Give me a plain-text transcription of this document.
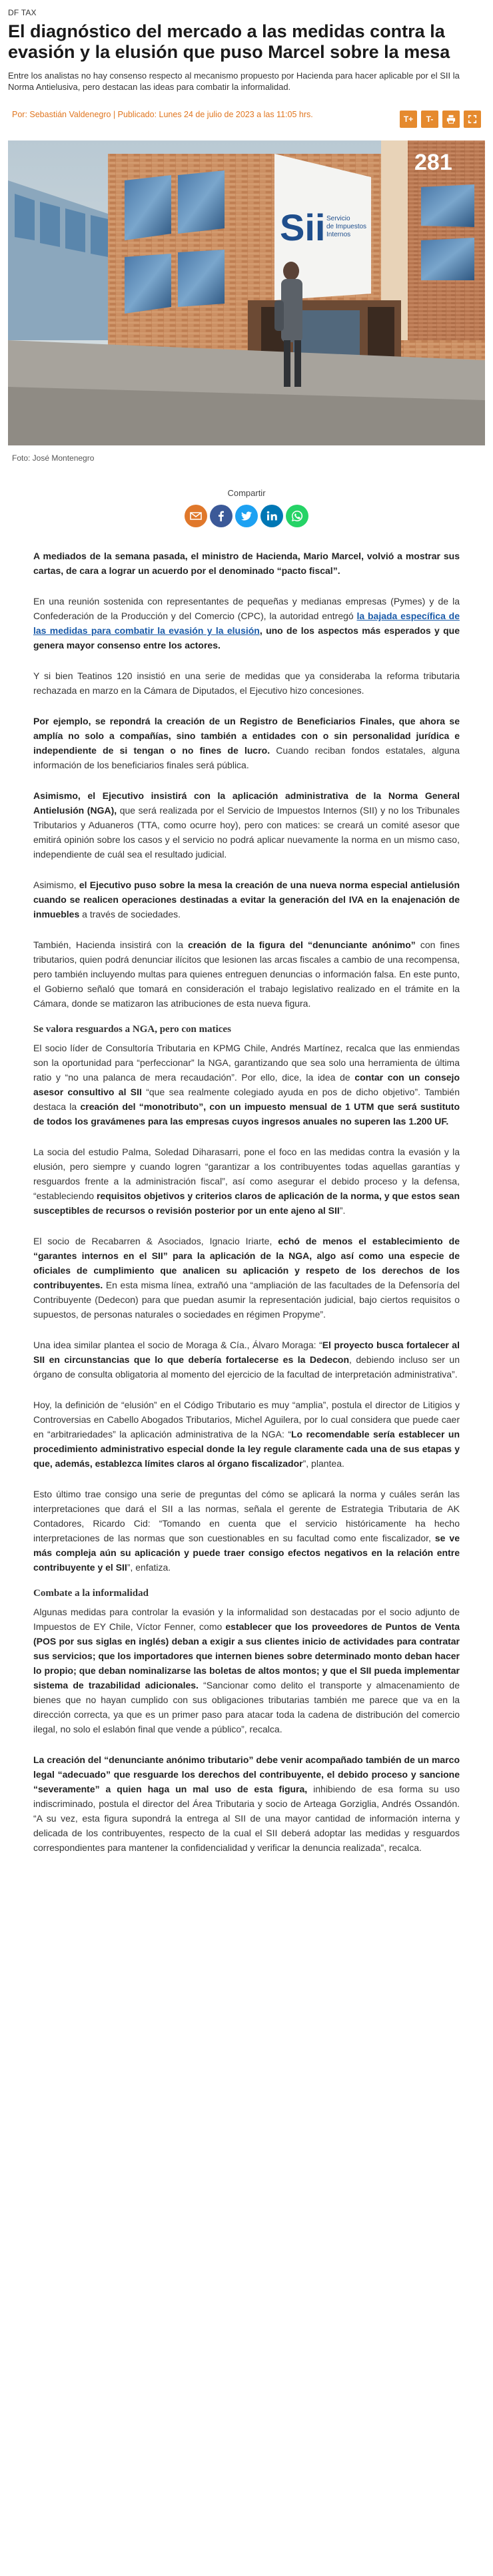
DF TAX
El diagnóstico del mercado a las medidas contra la evasión y la elusión que puso Marcel sobre la mesa

Entre los analistas no hay consenso respecto al mecanismo propuesto por Hacienda para hacer aplicable por el SII la Norma Antielusiva, pero destacan las ideas para combatir la informalidad.

Por: Sebastián Valdenegro | Publicado: Lunes 24 de julio de 2023 a las 11:05 hrs.	T+	T-
281
Sii Servicio
de Impuestos
Internos
Foto: José Montenegro
Compartir

A mediados de la semana pasada, el ministro de Hacienda, Mario Marcel, volvió a mostrar sus cartas, de cara a lograr un acuerdo por el denominado “pacto fiscal”.

En una reunión sostenida con representantes de pequeñas y medianas empresas (Pymes) y de la Confederación de la Producción y del Comercio (CPC), la autoridad entregó la bajada específica de las medidas para combatir la evasión y la elusión, uno de los aspectos más esperados y que genera mayor consenso entre los actores.

Y si bien Teatinos 120 insistió en una serie de medidas que ya consideraba la reforma tributaria rechazada en marzo en la Cámara de Diputados, el Ejecutivo hizo concesiones.

Por ejemplo, se repondrá la creación de un Registro de Beneficiarios Finales, que ahora se amplía no solo a compañías, sino también a entidades con o sin personalidad jurídica e independiente de si tengan o no fines de lucro. Cuando reciban fondos estatales, alguna información de los beneficiarios finales será pública.

Asimismo, el Ejecutivo insistirá con la aplicación administrativa de la Norma General Antielusión (NGA), que será realizada por el Servicio de Impuestos Internos (SII) y no los Tribunales Tributarios y Aduaneros (TTA, como ocurre hoy), pero con matices: se creará un comité asesor que emitirá opinión sobre los casos y el servicio no podrá aplicar nuevamente la norma en un mismo caso, independiente de cuál sea el resultado judicial.

Asimismo, el Ejecutivo puso sobre la mesa la creación de una nueva norma especial antielusión cuando se realicen operaciones destinadas a evitar la generación del IVA en la enajenación de inmuebles a través de sociedades.

También, Hacienda insistirá con la creación de la figura del “denunciante anónimo” con fines tributarios, quien podrá denunciar ilícitos que lesionen las arcas fiscales a cambio de una recompensa, pero también incluyendo multas para quienes entreguen denuncias o información falsa. En este punto, el Gobierno señaló que tomará en consideración el trabajo legislativo realizado en el trámite en la Cámara, donde se matizaron las atribuciones de esta nueva figura.

Se valora resguardos a NGA, pero con matices

El socio líder de Consultoría Tributaria en KPMG Chile, Andrés Martínez, recalca que las enmiendas son la oportunidad para “perfeccionar” la NGA, garantizando que sea solo una herramienta de última ratio y “no una palanca de mera recaudación”. Por ello, dice, la idea de contar con un consejo asesor consultivo al SII “que sea realmente colegiado ayuda en pos de dicho objetivo”. También destaca la creación del “monotributo”, con un impuesto mensual de 1 UTM que será sustituto de todos los gravámenes para las empresas cuyos ingresos anuales no superen las 1.200 UF.

La socia del estudio Palma, Soledad Diharasarri, pone el foco en las medidas contra la evasión y la elusión, pero siempre y cuando logren “garantizar a los contribuyentes todas aquellas garantías y resguardos frente a la administración fiscal”, así como asegurar el debido proceso y la defensa, “estableciendo requisitos objetivos y criterios claros de aplicación de la norma, y que estos sean susceptibles de recursos o revisión posterior por un ente ajeno al SII”.

El socio de Recabarren & Asociados, Ignacio Iriarte, echó de menos el establecimiento de “garantes internos en el SII” para la aplicación de la NGA, algo así como una especie de oficiales de cumplimiento que analicen su aplicación y respeto de los derechos de los contribuyentes. En esta misma línea, extrañó una “ampliación de las facultades de la Defensoría del Contribuyente (Dedecon) para que puedan asumir la representación judicial, bajo ciertos requisitos o supuestos, de personas naturales o sociedades en régimen Propyme”.

Una idea similar plantea el socio de Moraga & Cía., Álvaro Moraga: “El proyecto busca fortalecer al SII en circunstancias que lo que debería fortalecerse es la Dedecon, debiendo incluso ser un órgano de consulta obligatoria al momento del ejercicio de la facultad de interpretación administrativa”.

Hoy, la definición de “elusión” en el Código Tributario es muy “amplia”, postula el director de Litigios y Controversias en Cabello Abogados Tributarios, Michel Aguilera, por lo cual considera que puede caer en “arbitrariedades” la aplicación administrativa de la NGA: “Lo recomendable sería establecer un procedimiento administrativo especial donde la ley regule claramente cada una de sus etapas y que, además, establezca límites claros al órgano fiscalizador”, plantea.

Esto último trae consigo una serie de preguntas del cómo se aplicará la norma y cuáles serán las interpretaciones que dará el SII a las normas, señala el gerente de Estrategia Tributaria de AK Contadores, Ricardo Cid: “Tomando en cuenta que el servicio históricamente ha hecho interpretaciones de las normas que son cuestionables en su facultad como ente fiscalizador, se ve más compleja aún su aplicación y puede traer consigo efectos negativos en la relación entre contribuyente y el SII”, enfatiza.

Combate a la informalidad

Algunas medidas para controlar la evasión y la informalidad son destacadas por el socio adjunto de Impuestos de EY Chile, Víctor Fenner, como establecer que los proveedores de Puntos de Venta (POS por sus siglas en inglés) deban a exigir a sus clientes inicio de actividades para contratar sus servicios; que los importadores que internen bienes sobre determinado monto deban hacer lo propio; que deban nominalizarse las boletas de altos montos; y que el SII pueda implementar sistema de trazabilidad adicionales. “Sancionar como delito el transporte y almacenamiento de bienes que no hayan cumplido con sus obligaciones tributarias también me parece que va en la dirección correcta, ya que es un primer paso para atacar toda la cadena de distribución del comercio ilegal, no solo el eslabón final que vende a público”, recalca.

La creación del “denunciante anónimo tributario” debe venir acompañado también de un marco legal “adecuado” que resguarde los derechos del contribuyente, el debido proceso y sancione “severamente” a quien haga un mal uso de esta figura, inhibiendo de esa forma su uso indiscriminado, postula el director del Área Tributaria y socio de Arteaga Gorziglia, Andrés Ossandón. “A su vez, esta figura supondrá la entrega al SII de una mayor cantidad de información interna y delicada de los contribuyentes, respecto de la cual el SII deberá adoptar las medidas y resguardos correspondientes para mantener la confidencialidad y verificar la denuncia realizada”, recalca.
